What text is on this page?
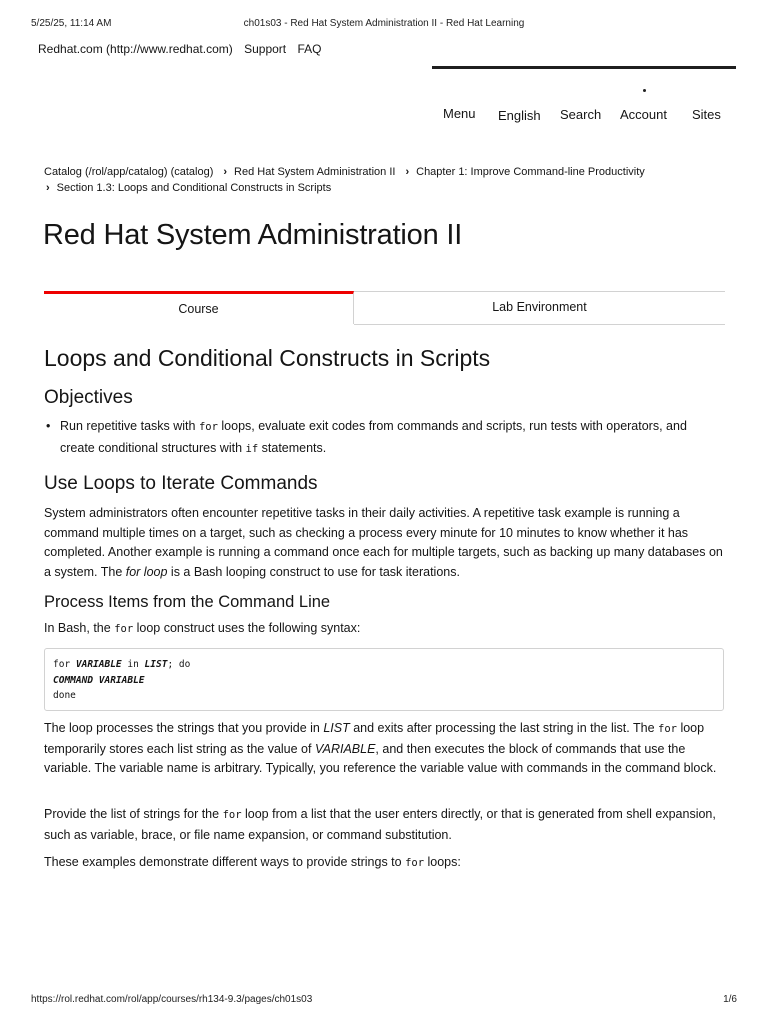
5/25/25, 11:14 AM	ch01s03 - Red Hat System Administration II - Red Hat Learning
Redhat.com (http://www.redhat.com) Support FAQ
Menu English Search Account Sites
Catalog (/rol/app/catalog) (catalog) › Red Hat System Administration II › Chapter 1: Improve Command-line Productivity
› Section 1.3: Loops and Conditional Constructs in Scripts
Red Hat System Administration II
Course	Lab Environment
Loops and Conditional Constructs in Scripts
Objectives
• Run repetitive tasks with for loops, evaluate exit codes from commands and scripts, run tests with operators, and create conditional structures with if statements.
Use Loops to Iterate Commands

System administrators often encounter repetitive tasks in their daily activities. A repetitive task example is running a command multiple times on a target, such as checking a process every minute for 10 minutes to know whether it has completed. Another example is running a command once each for multiple targets, such as backing up many databases on a system. The for loop is a Bash looping construct to use for task iterations.

Process Items from the Command Line

In Bash, the for loop construct uses the following syntax:

for VARIABLE in LIST; do
COMMAND VARIABLE
done

The loop processes the strings that you provide in LIST and exits after processing the last string in the list. The for loop temporarily stores each list string as the value of VARIABLE, and then executes the block of commands that use the variable. The variable name is arbitrary. Typically, you reference the variable value with commands in the command block.

Provide the list of strings for the for loop from a list that the user enters directly, or that is generated from shell expansion, such as variable, brace, or file name expansion, or command substitution.

These examples demonstrate different ways to provide strings to for loops:

https://rol.redhat.com/rol/app/courses/rh134-9.3/pages/ch01s03	1/6
